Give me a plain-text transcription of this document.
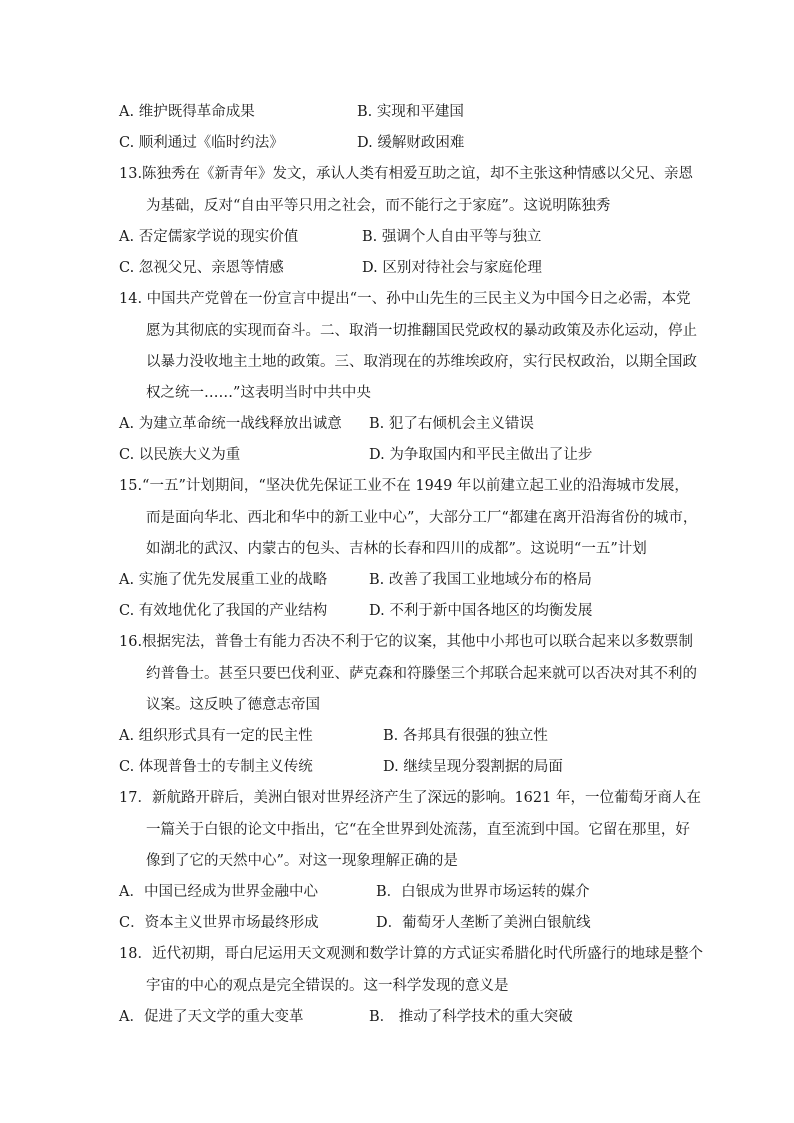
A. 维护既得革命成果	B. 实现和平建国
C. 顺利通过《临时约法》	D. 缓解财政困难
13.陈独秀在《新青年》发文，承认人类有相爱互助之谊，却不主张这种情感以父兄、亲恩
为基础，反对“自由平等只用之社会，而不能行之于家庭”。这说明陈独秀
A. 否定儒家学说的现实价值	B. 强调个人自由平等与独立
C. 忽视父兄、亲恩等情感	D. 区别对待社会与家庭伦理
14. 中国共产党曾在一份宣言中提出“一、孙中山先生的三民主义为中国今日之必需，本党
愿为其彻底的实现而奋斗。二、取消一切推翻国民党政权的暴动政策及赤化运动，停止
以暴力没收地主土地的政策。三、取消现在的苏维埃政府，实行民权政治，以期全国政
权之统一……”这表明当时中共中央
A. 为建立革命统一战线释放出诚意 B. 犯了右倾机会主义错误
C. 以民族大义为重	D. 为争取国内和平民主做出了让步
15.“一五”计划期间，“坚决优先保证工业不在 1949 年以前建立起工业的沿海城市发展，
而是面向华北、西北和华中的新工业中心”，大部分工厂“都建在离开沿海省份的城市，
如湖北的武汉、内蒙古的包头、吉林的长春和四川的成都”。这说明“一五”计划
A. 实施了优先发展重工业的战略	B. 改善了我国工业地域分布的格局
C. 有效地优化了我国的产业结构	D. 不利于新中国各地区的均衡发展
16.根据宪法，普鲁士有能力否决不利于它的议案，其他中小邦也可以联合起来以多数票制
约普鲁士。甚至只要巴伐利亚、萨克森和符滕堡三个邦联合起来就可以否决对其不利的
议案。这反映了德意志帝国
A. 组织形式具有一定的民主性	B. 各邦具有很强的独立性
C. 体现普鲁士的专制主义传统	D. 继续呈现分裂割据的局面
17．新航路开辟后，美洲白银对世界经济产生了深远的影响。1621 年，一位葡萄牙商人在
一篇关于白银的论文中指出，它“在全世界到处流荡，直至流到中国。它留在那里，好
像到了它的天然中心”。对这一现象理解正确的是
A．中国已经成为世界金融中心	B．白银成为世界市场运转的媒介
C．资本主义世界市场最终形成	D．葡萄牙人垄断了美洲白银航线
18．近代初期，哥白尼运用天文观测和数学计算的方式证实希腊化时代所盛行的地球是整个
宇宙的中心的观点是完全错误的。这一科学发现的意义是
A．促进了天文学的重大变革	B． 推动了科学技术的重大突破
